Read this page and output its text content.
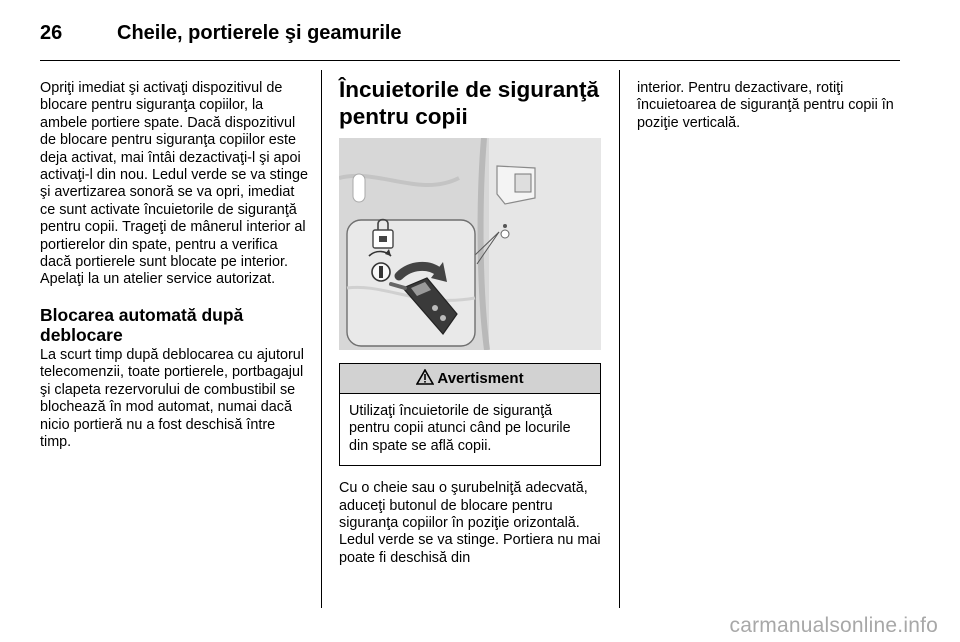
26	Cheile, portierele şi geamurile

Opriţi imediat şi activaţi dispozitivul de blocare pentru siguranţa copiilor, la ambele portiere spate. Dacă dispozitivul de blocare pentru siguranţa copiilor este deja activat, mai întâi dezactivaţi-l şi apoi activaţi-l din nou. Ledul verde se va stinge şi avertizarea sonoră se va opri, imediat ce sunt activate încuietorile de siguranţă pentru copii. Trageţi de mânerul interior al portierelor din spate, pentru a verifica dacă portierele sunt blocate pe interior. Apelaţi la un atelier service autorizat.

Blocarea automată după deblocare

La scurt timp după deblocarea cu ajutorul telecomenzii, toate portierele, portbagajul şi clapeta rezervorului de combustibil se blochează în mod automat, numai dacă nicio portieră nu a fost deschisă între timp.

Încuietorile de siguranţă pentru copii
Avertisment
Utilizaţi încuietorile de siguranţă pentru copii atunci când pe locurile din spate se află copii.

Cu o cheie sau o şurubelniţă adecvată, aduceţi butonul de blocare pentru siguranţa copiilor în poziţie orizontală. Ledul verde se va stinge. Portiera nu mai poate fi deschisă din

interior. Pentru dezactivare, rotiţi încuietoarea de siguranţă pentru copii în poziţie verticală.

carmanualsonline.info
